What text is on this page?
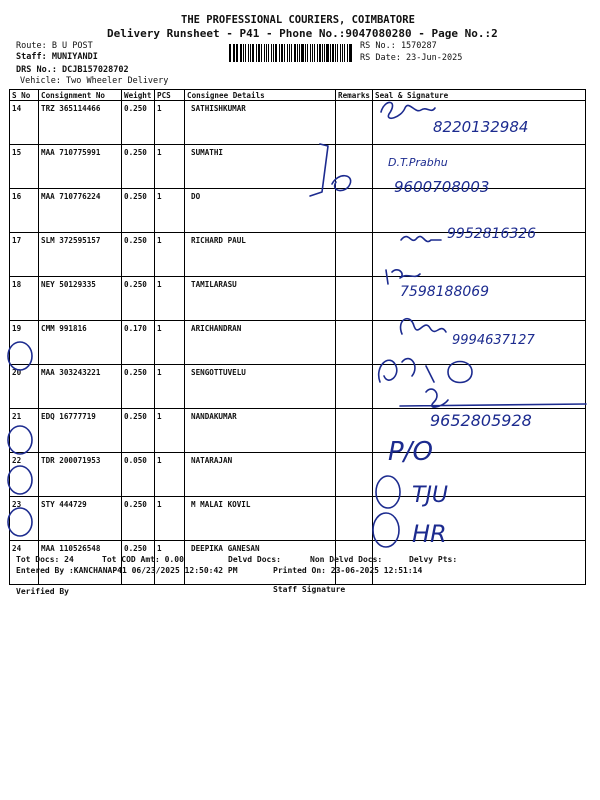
THE PROFESSIONAL COURIERS, COIMBATORE
Delivery Runsheet - P41 - Phone No.:9047080280 - Page No.:2
Route: B U POST
Staff: MUNIYANDI
DRS No.: DCJB157028702
Vehicle: Two Wheeler Delivery
RS No.: 1570287
RS Date: 23-Jun-2025
S No	Consignment No	Weight	PCS	Consignee Details	Remarks	Seal & Signature
14	TRZ 365114466	0.250	1	SATHISHKUMAR		
15	MAA 710775991	0.250	1	SUMATHI		
16	MAA 710776224	0.250	1	DO		
17	SLM 372595157	0.250	1	RICHARD PAUL		
18	NEY 50129335	0.250	1	TAMILARASU		
19	CMM 991816	0.170	1	ARICHANDRAN		
20	MAA 303243221	0.250	1	SENGOTTUVELU		
21	EDQ 16777719	0.250	1	NANDAKUMAR		
22	TDR 200071953	0.050	1	NATARAJAN		
23	STY 444729	0.250	1	M MALAI KOVIL		
24	MAA 110526548	0.250	1	DEEPIKA GANESAN		
8220132984
D.T.Prabhu
9600708003
9952816326
7598188069
9994637127
9652805928
P/O
TJU
HR
Tot Docs: 24	Tot COD Amt: 0.00	Delvd Docs:	Non Delvd Docs:	Delvy Pts:
Entered By :KANCHANAP41 06/23/2025 12:50:42 PM	Printed On: 23-06-2025 12:51:14
Verified By	Staff Signature
